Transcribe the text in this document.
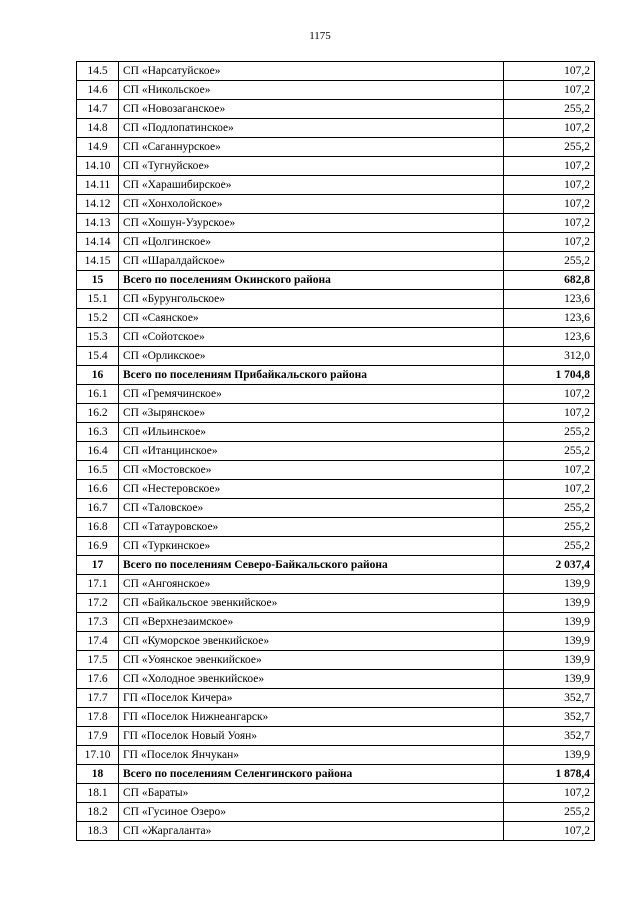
1175
14.5	СП «Нарсатуйское»	107,2
14.6	СП «Никольское»	107,2
14.7	СП «Новозаганское»	255,2
14.8	СП «Подлопатинское»	107,2
14.9	СП «Саганнурское»	255,2
14.10	СП «Тугнуйское»	107,2
14.11	СП «Харашибирское»	107,2
14.12	СП «Хонхолойское»	107,2
14.13	СП «Хошун-Узурское»	107,2
14.14	СП «Цолгинское»	107,2
14.15	СП «Шаралдайское»	255,2
15	Всего по поселениям Окинского района	682,8
15.1	СП «Бурунгольское»	123,6
15.2	СП «Саянское»	123,6
15.3	СП «Сойотское»	123,6
15.4	СП «Орликское»	312,0
16	Всего по поселениям Прибайкальского района	1 704,8
16.1	СП «Гремячинское»	107,2
16.2	СП «Зырянское»	107,2
16.3	СП «Ильинское»	255,2
16.4	СП «Итанцинское»	255,2
16.5	СП «Мостовское»	107,2
16.6	СП «Нестеровское»	107,2
16.7	СП «Таловское»	255,2
16.8	СП «Татауровское»	255,2
16.9	СП «Туркинское»	255,2
17	Всего по поселениям Северо-Байкальского района	2 037,4
17.1	СП «Ангоянское»	139,9
17.2	СП «Байкальское эвенкийское»	139,9
17.3	СП «Верхнезаимское»	139,9
17.4	СП «Куморское эвенкийское»	139,9
17.5	СП «Уоянское эвенкийское»	139,9
17.6	СП «Холодное эвенкийское»	139,9
17.7	ГП «Поселок Кичера»	352,7
17.8	ГП «Поселок Нижнеангарск»	352,7
17.9	ГП «Поселок Новый Уоян»	352,7
17.10	ГП «Поселок Янчукан»	139,9
18	Всего по поселениям Селенгинского района	1 878,4
18.1	СП «Бараты»	107,2
18.2	СП «Гусиное Озеро»	255,2
18.3	СП «Жаргаланта»	107,2
